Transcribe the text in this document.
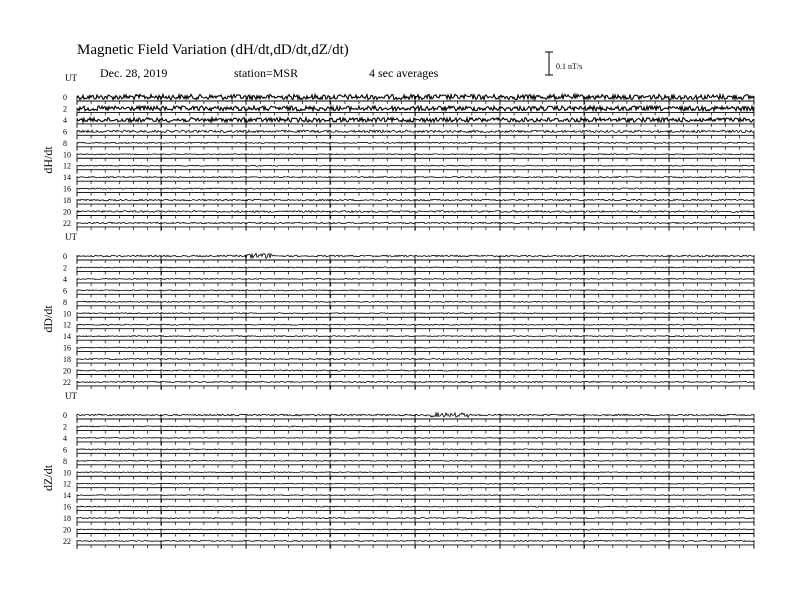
Magnetic Field Variation (dH/dt,dD/dt,dZ/dt)
Dec. 28, 2019	station=MSR	4 sec averages	0.1 nT/s
UT
dH/dt
0
2
4
6
8
10
12
14
16
18
20
22
UT
dD/dt
0
2
4
6
8
10
12
14
16
18
20
22
UT
dZ/dt
0
2
4
6
8
10
12
14
16
18
20
22
